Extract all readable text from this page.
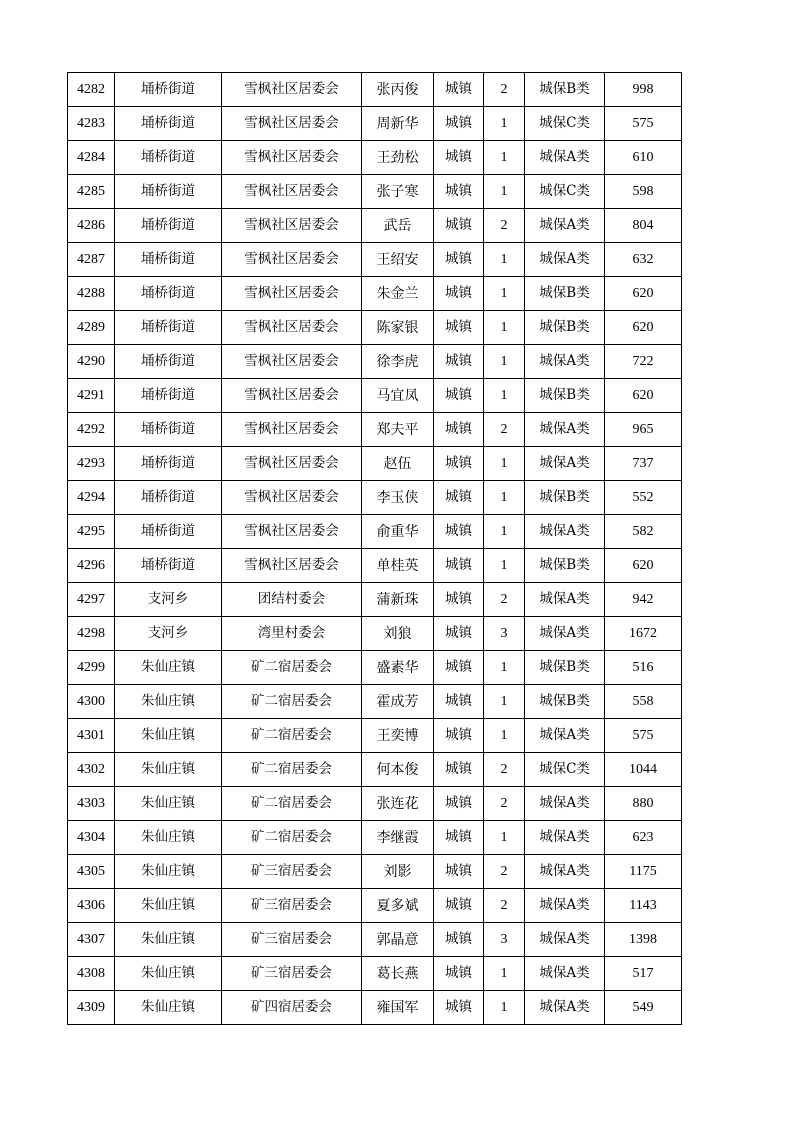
4282	埇桥街道	雪枫社区居委会	张丙俊	城镇	2	城保B类	998
4283	埇桥街道	雪枫社区居委会	周新华	城镇	1	城保C类	575
4284	埇桥街道	雪枫社区居委会	王劲松	城镇	1	城保A类	610
4285	埇桥街道	雪枫社区居委会	张子寒	城镇	1	城保C类	598
4286	埇桥街道	雪枫社区居委会	武岳	城镇	2	城保A类	804
4287	埇桥街道	雪枫社区居委会	王绍安	城镇	1	城保A类	632
4288	埇桥街道	雪枫社区居委会	朱金兰	城镇	1	城保B类	620
4289	埇桥街道	雪枫社区居委会	陈家银	城镇	1	城保B类	620
4290	埇桥街道	雪枫社区居委会	徐李虎	城镇	1	城保A类	722
4291	埇桥街道	雪枫社区居委会	马宜凤	城镇	1	城保B类	620
4292	埇桥街道	雪枫社区居委会	郑夫平	城镇	2	城保A类	965
4293	埇桥街道	雪枫社区居委会	赵伍	城镇	1	城保A类	737
4294	埇桥街道	雪枫社区居委会	李玉侠	城镇	1	城保B类	552
4295	埇桥街道	雪枫社区居委会	俞重华	城镇	1	城保A类	582
4296	埇桥街道	雪枫社区居委会	单桂英	城镇	1	城保B类	620
4297	支河乡	团结村委会	蒲新珠	城镇	2	城保A类	942
4298	支河乡	湾里村委会	刘狼	城镇	3	城保A类	1672
4299	朱仙庄镇	矿二宿居委会	盛素华	城镇	1	城保B类	516
4300	朱仙庄镇	矿二宿居委会	霍成芳	城镇	1	城保B类	558
4301	朱仙庄镇	矿二宿居委会	王奕博	城镇	1	城保A类	575
4302	朱仙庄镇	矿二宿居委会	何本俊	城镇	2	城保C类	1044
4303	朱仙庄镇	矿二宿居委会	张连花	城镇	2	城保A类	880
4304	朱仙庄镇	矿二宿居委会	李继霞	城镇	1	城保A类	623
4305	朱仙庄镇	矿三宿居委会	刘影	城镇	2	城保A类	1175
4306	朱仙庄镇	矿三宿居委会	夏多斌	城镇	2	城保A类	1143
4307	朱仙庄镇	矿三宿居委会	郭晶意	城镇	3	城保A类	1398
4308	朱仙庄镇	矿三宿居委会	葛长燕	城镇	1	城保A类	517
4309	朱仙庄镇	矿四宿居委会	雍国军	城镇	1	城保A类	549
